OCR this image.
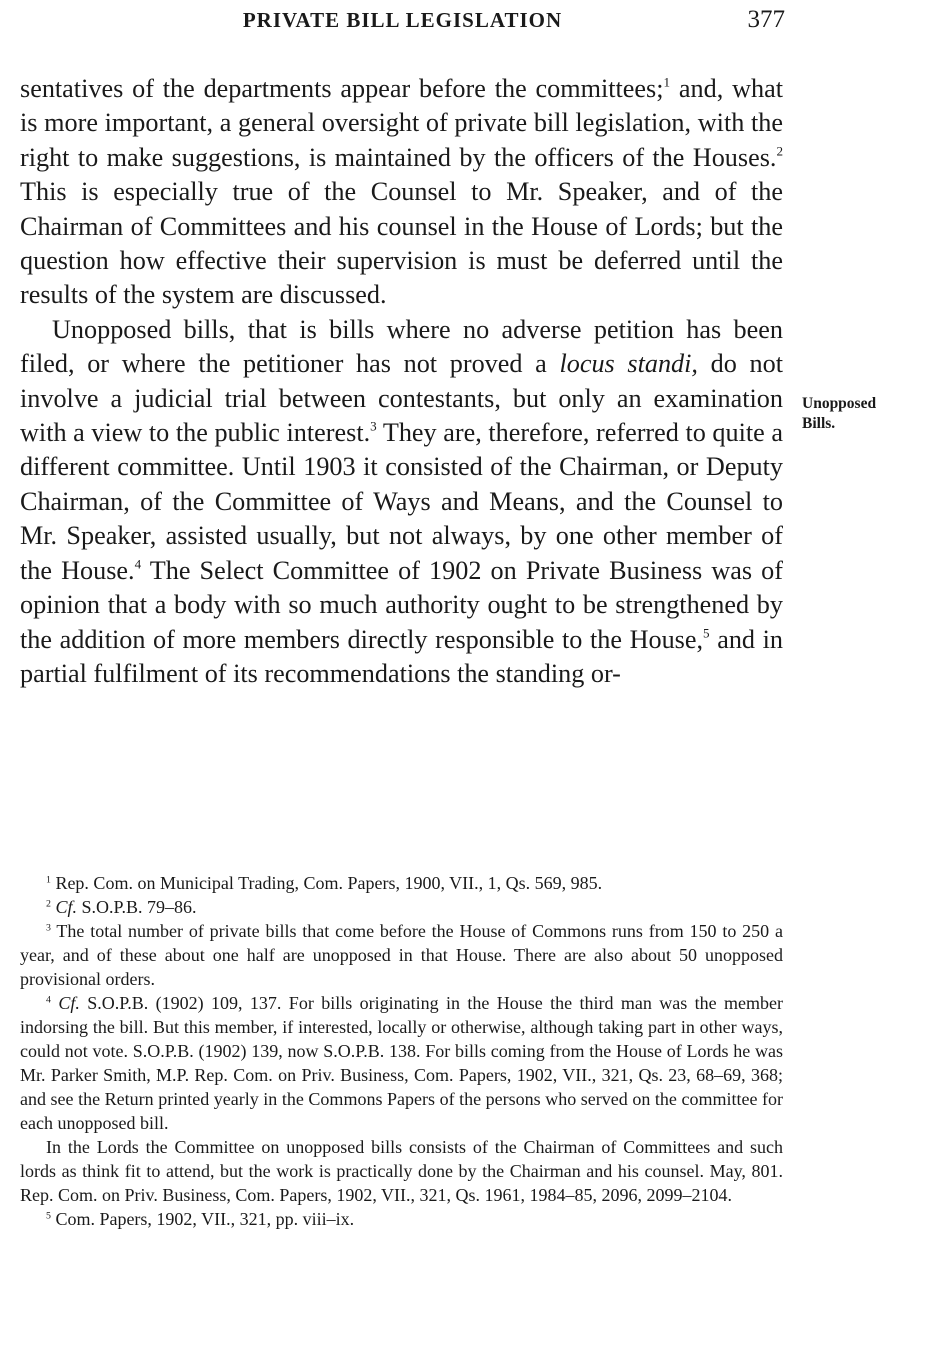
PRIVATE BILL LEGISLATION	377

sentatives of the departments appear before the committees;$^1$ and, what is more important, a general oversight of private bill legislation, with the right to make suggestions, is maintained by the officers of the Houses.$^2$ This is especially true of the Counsel to Mr. Speaker, and of the Chairman of Committees and his counsel in the House of Lords; but the question how effective their supervision is must be deferred until the results of the system are discussed.

Unopposed bills, that is bills where no adverse petition has been filed, or where the petitioner has not proved a locus standi, do not involve a judicial trial between contestants, but only an examination with a view to the public interest.$^3$ They are, therefore, referred to quite a different committee. Until 1903 it consisted of the Chairman, or Deputy Chairman, of the Committee of Ways and Means, and the Counsel to Mr. Speaker, assisted usually, but not always, by one other member of the House.$^4$ The Select Committee of 1902 on Private Business was of opinion that a body with so much authority ought to be strengthened by the addition of more members directly responsible to the House,$^5$ and in partial fulfilment of its recommendations the standing or-

Unopposed
Bills.

$^1$ Rep. Com. on Municipal Trading, Com. Papers, 1900, VII., 1, Qs. 569, 985.

$^2$ Cf. S.O.P.B. 79–86.

$^3$ The total number of private bills that come before the House of Commons runs from 150 to 250 a year, and of these about one half are unopposed in that House. There are also about 50 unopposed provisional orders.

$^4$ Cf. S.O.P.B. (1902) 109, 137. For bills originating in the House the third man was the member indorsing the bill. But this member, if interested, locally or otherwise, although taking part in other ways, could not vote. S.O.P.B. (1902) 139, now S.O.P.B. 138. For bills coming from the House of Lords he was Mr. Parker Smith, M.P. Rep. Com. on Priv. Business, Com. Papers, 1902, VII., 321, Qs. 23, 68–69, 368; and see the Return printed yearly in the Commons Papers of the persons who served on the committee for each unopposed bill.

In the Lords the Committee on unopposed bills consists of the Chairman of Committees and such lords as think fit to attend, but the work is practically done by the Chairman and his counsel. May, 801. Rep. Com. on Priv. Business, Com. Papers, 1902, VII., 321, Qs. 1961, 1984–85, 2096, 2099–2104.

$^5$ Com. Papers, 1902, VII., 321, pp. viii–ix.
